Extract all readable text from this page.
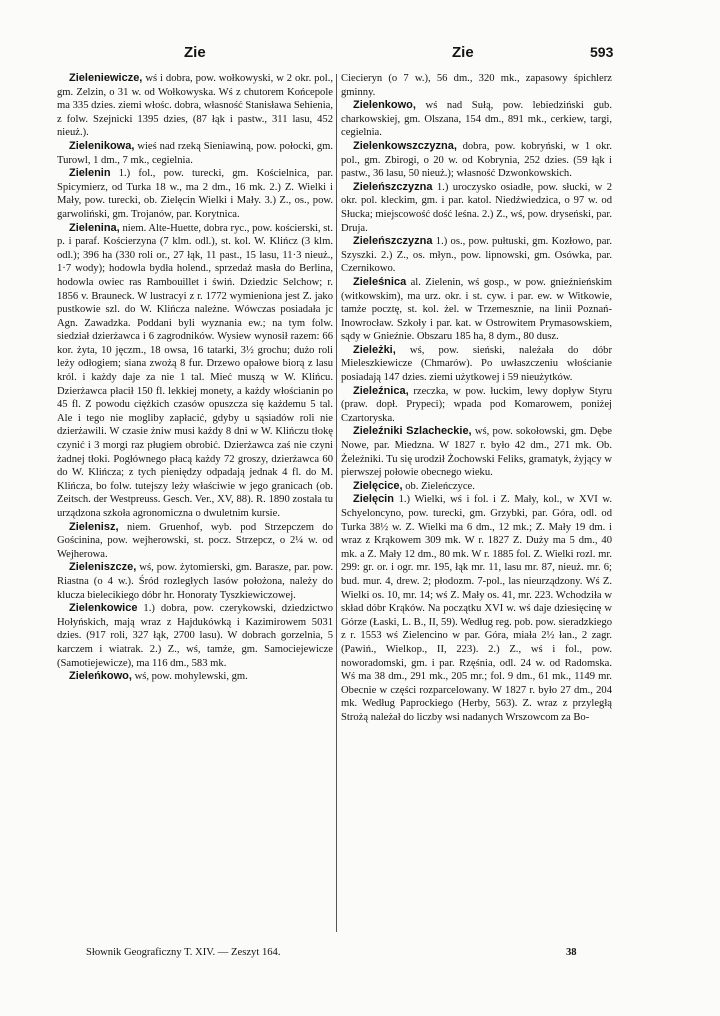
Zie	Zie	593
Zieleniewicze, wś i dobra, pow. wołkowyski, w 2 okr. pol., gm. Zelzin, o 31 w. od Wołkowyska. Wś z chutorem Końcepole ma 335 dzies. ziemi włośc. dobra, własność Stanisława Sehienia, z folw. Szejnicki 1395 dzies, (87 łąk i pastw., 311 lasu, 452 nieuż.).
Zielenikowa, wieś nad rzeką Sieniawiną, pow. połocki, gm. Turowl, 1 dm., 7 mk., cegielnia.
Zielenin 1.) fol., pow. turecki, gm. Kościelnica, par. Spicymierz, od Turka 18 w., ma 2 dm., 16 mk. 2.) Z. Wielki i Mały, pow. turecki, ob. Zielęcin Wielki i Mały. 3.) Z., os., pow. garwoliński, gm. Trojanów, par. Korytnica.
Zielenina, niem. Alte-Huette, dobra ryc., pow. kościerski, st. p. i paraf. Kościerzyna (7 klm. odl.), st. kol. W. Klińcz (3 klm. odl.); 396 ha (330 roli or., 27 łąk, 11 past., 15 lasu, 11·3 nieuż., 1·7 wody); hodowla bydła holend., sprzedaż masła do Berlina, hodowla owiec ras Rambouillet i świń. Dziedzic Selchow; r. 1856 v. Brauneck. W lustracyi z r. 1772 wymieniona jest Z. jako pustkowie szl. do W. Klińcza należne. Wówczas posiadała jc Agn. Zawadzka. Poddani byli wyznania ew.; na tym folw. siedział dzierżawca i 6 zagrodników. Wysiew wynosił razem: 66 kor. żyta, 10 jęczm., 18 owsa, 16 tatarki, 3½ grochu; dużo roli leży odłogiem; siana zwożą 8 fur. Drzewo opałowe biorą z lasu król. i każdy daje za nie 1 tal. Mieć muszą w W. Klińcu. Dzierżawca płacił 150 fl. lekkiej monety, a każdy włościanin po 45 fl. Z powodu ciężkich czasów opuszcza się każdemu 5 tal. Ale i tego nie mogliby zapłacić, gdyby u sąsiadów roli nie dzierżawili. W czasie żniw musi każdy 8 dni w W. Klińczu tłokę czynić i 3 morgi raz pługiem obrobić. Dzierżawca zaś nie czyni żadnej tłoki. Pogłównego płacą każdy 72 groszy, dzierżawca 60 do W. Klińcza; z tych pieniędzy odpadają jednak 4 fl. do M. Klińcza, bo folw. tutejszy leży właściwie w jego granicach (ob. Zeitsch. der Westpreuss. Gesch. Ver., XV, 88). R. 1890 została tu urządzona szkoła agronomiczna o dwuletnim kursie.
Zielenisz, niem. Gruenhof, wyb. pod Strzepczem do Gościnina, pow. wejherowski, st. pocz. Strzepcz, o 2¼ w. od Wejherowa.
Zieleniszcze, wś, pow. żytomierski, gm. Barasze, par. pow. Riastna (o 4 w.). Śród rozległych lasów położona, należy do klucza bielecikiego dóbr hr. Honoraty Tyszkiewiczowej.
Zielenkowice 1.) dobra, pow. czerykowski, dziedzictwo Hołyńskich, mają wraz z Hajdukówką i Kazimirowem 5031 dzies. (917 roli, 327 łąk, 2700 lasu). W dobrach gorzelnia, 5 karczem i wiatrak. 2.) Z., wś, tamże, gm. Samociejewicze (Samotiejewicze), ma 116 dm., 583 mk.
Zieleńkowo, wś, pow. mohylewski, gm.
Ciecieryn (o 7 w.), 56 dm., 320 mk., zapasowy śpichlerz gminny.
Zielenkowo, wś nad Sułą, pow. lebiedziński gub. charkowskiej, gm. Olszana, 154 dm., 891 mk., cerkiew, targi, cegielnia.
Zielenkowszczyzna, dobra, pow. kobryński, w 1 okr. pol., gm. Zbirogi, o 20 w. od Kobrynia, 252 dzies. (59 łąk i pastw., 36 lasu, 50 nieuż.); własność Dzwonkowskich.
Zieleńszczyzna 1.) uroczysko osiadłe, pow. słucki, w 2 okr. pol. kleckim, gm. i par. katol. Niedźwiedzica, o 97 w. od Słucka; miejscowość dość leśna. 2.) Z., wś, pow. dryseński, par. Druja.
Zieleńszczyzna 1.) os., pow. pułtuski, gm. Kozłowo, par. Szyszki. 2.) Z., os. młyn., pow. lipnowski, gm. Osówka, par. Czernikowo.
Zieleśnica al. Zielenin, wś gosp., w pow. gnieźnieńskim (witkowskim), ma urz. okr. i st. cyw. i par. ew. w Witkowie, tamże pocztę, st. kol. żel. w Trzemesznie, na linii Poznań-Inowrocław. Szkoły i par. kat. w Ostrowitem Prymasowskiem, sądy w Gnieźnie. Obszaru 185 ha, 8 dym., 80 dusz.
Zieleżki, wś, pow. sieński, należała do dóbr Mieleszkiewicze (Chmarów). Po uwłaszczeniu włościanie posiadają 147 dzies. ziemi użytkowej i 59 nieużytków.
Zieleźnica, rzeczka, w pow. łuckim, lewy dopływ Styru (praw. dopł. Prypeci); wpada pod Komarowem, poniżej Czartoryska.
Zieleźniki Szlacheckie, wś, pow. sokołowski, gm. Dębe Nowe, par. Miedzna. W 1827 r. było 42 dm., 271 mk. Ob. Żeleźniki. Tu się urodził Żochowski Feliks, gramatyk, żyjący w pierwszej połowie obecnego wieku.
Zielęcice, ob. Zieleńczyce.
Zielęcin 1.) Wielki, wś i fol. i Z. Mały, kol., w XVI w. Schyeloncyno, pow. turecki, gm. Grzybki, par. Góra, odl. od Turka 38½ w. Z. Wielki ma 6 dm., 12 mk.; Z. Mały 19 dm. i wraz z Krąkowem 309 mk. W r. 1827 Z. Duży ma 5 dm., 40 mk. a Z. Mały 12 dm., 80 mk. W r. 1885 fol. Z. Wielki rozl. mr. 299: gr. or. i ogr. mr. 195, łąk mr. 11, lasu mr. 87, nieuż. mr. 6; bud. mur. 4, drew. 2; płodozm. 7-pol., las nieurządzony. Wś Z. Wielki os. 10, mr. 14; wś Z. Mały os. 41, mr. 223. Wchodziła w skład dóbr Krąków. Na początku XVI w. wś daje dziesięcinę w Górze (Łaski, L. B., II, 59). Według reg. pob. pow. sieradzkiego z r. 1553 wś Zielencino w par. Góra, miała 2½ łan., 2 zagr. (Pawiń., Wielkop., II, 223). 2.) Z., wś i fol., pow. noworadomski, gm. i par. Rzęśnia, odl. 24 w. od Radomska. Wś ma 38 dm., 291 mk., 205 mr.; fol. 9 dm., 61 mk., 1149 mr. Obecnie w części rozparcelowany. W 1827 r. było 27 dm., 204 mk. Według Paprockiego (Herby, 563). Z. wraz z przyległą Strożą należał do liczby wsi nadanych Wrszowcom za Bo-
Słownik Geograficzny T. XIV. — Zeszyt 164.	38
